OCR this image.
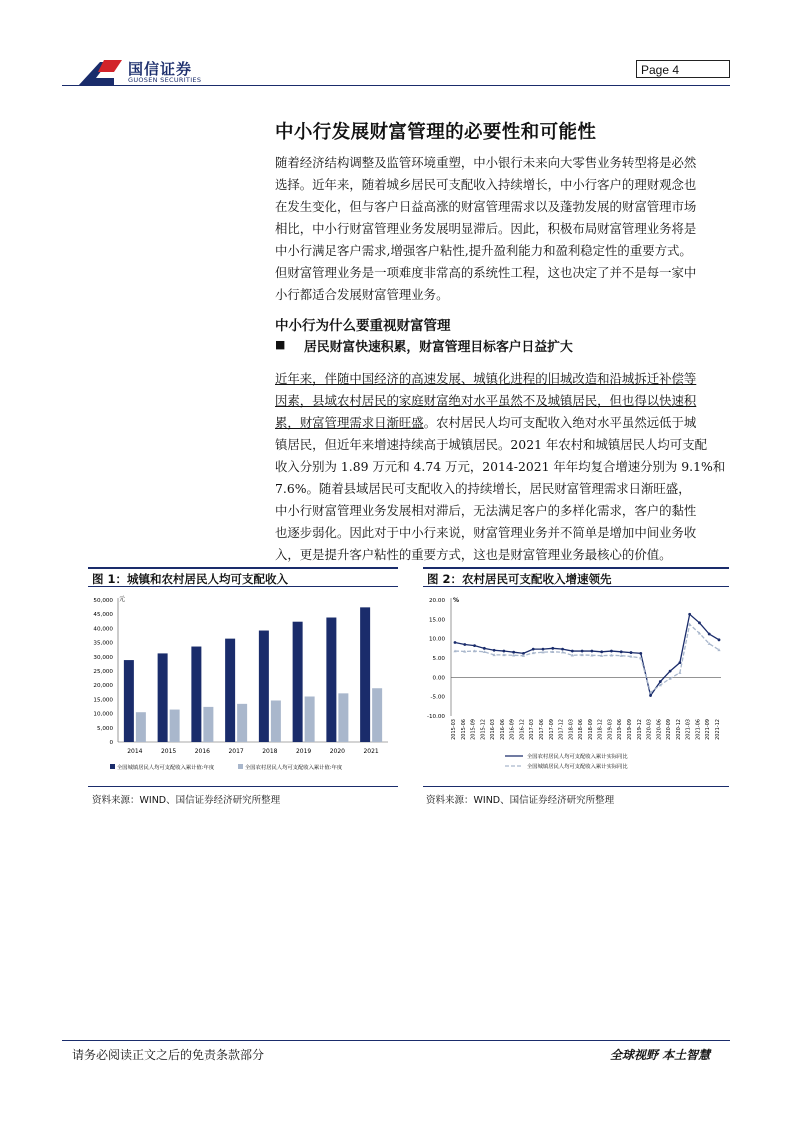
国信证券
GUOSEN SECURITIES
Page 4
中小行发展财富管理的必要性和可能性
随着经济结构调整及监管环境重塑，中小银行未来向大零售业务转型将是必然
选择。近年来，随着城乡居民可支配收入持续增长，中小行客户的理财观念也
在发生变化，但与客户日益高涨的财富管理需求以及蓬勃发展的财富管理市场
相比，中小行财富管理业务发展明显滞后。因此，积极布局财富管理业务将是
中小行满足客户需求,增强客户粘性,提升盈利能力和盈利稳定性的重要方式。
但财富管理业务是一项难度非常高的系统性工程，这也决定了并不是每一家中
小行都适合发展财富管理业务。
中小行为什么要重视财富管理
■ 居民财富快速积累，财富管理目标客户日益扩大
近年来，伴随中国经济的高速发展、城镇化进程的旧城改造和沿城拆迁补偿等
因素，县域农村居民的家庭财富绝对水平虽然不及城镇居民，但也得以快速积
累，财富管理需求日渐旺盛。农村居民人均可支配收入绝对水平虽然远低于城
镇居民，但近年来增速持续高于城镇居民。2021 年农村和城镇居民人均可支配
收入分别为 1.89 万元和 4.74 万元，2014-2021 年年均复合增速分别为 9.1%和
7.6%。随着县域居民可支配收入的持续增长，居民财富管理需求日渐旺盛，
中小行财富管理业务发展相对滞后，无法满足客户的多样化需求，客户的黏性
也逐步弱化。因此对于中小行来说，财富管理业务并不简单是增加中间业务收
入，更是提升客户粘性的重要方式，这也是财富管理业务最核心的价值。
图 1：城镇和农村居民人均可支配收入
元
50,000
45,000
40,000
35,000
30,000
25,000
20,000
15,000
10,000
5,000
0
2014	2015	2016	2017	2018	2019	2020	2021
全国城镇居民人均可支配收入累计值:年度	全国农村居民人均可支配收入累计值:年度
资料来源：WIND、国信证券经济研究所整理
图 2：农村居民可支配收入增速领先
%
20.00
15.00
10.00
5.00
0.00
-5.00
-10.00
2015-03 2015-06 2015-09 2015-12 2016-03 2016-06 2016-09 2016-12 2017-03 2017-06 2017-09 2017-12 2018-03 2018-06 2018-09 2018-12 2019-03 2019-06 2019-09 2019-12 2020-03 2020-06 2020-09 2020-12 2021-03 2021-06 2021-09 2021-12
全国农村居民人均可支配收入累计实际同比
全国城镇居民人均可支配收入累计实际同比
资料来源：WIND、国信证券经济研究所整理
请务必阅读正文之后的免责条款部分	全球视野 本土智慧
